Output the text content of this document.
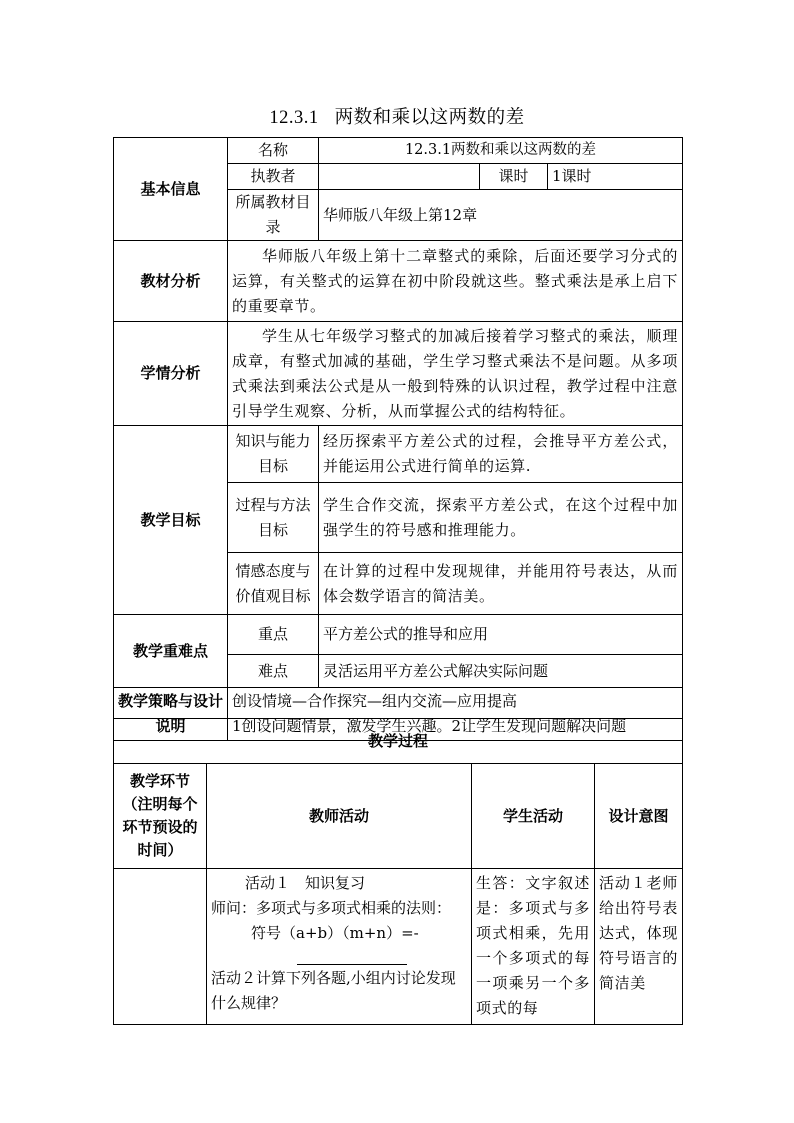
12.3.1 两数和乘以这两数的差
基本信息	名称	12.3.1两数和乘以这两数的差		
	执教者		课时	1课时
	所属教材目录	华师版八年级上第12章		
教材分析	华师版八年级上第十二章整式的乘除，后面还要学习分式的运算，有关整式的运算在初中阶段就这些。整式乘法是承上启下的重要章节。			
学情分析	学生从七年级学习整式的加减后接着学习整式的乘法，顺理成章，有整式加减的基础，学生学习整式乘法不是问题。从多项式乘法到乘法公式是从一般到特殊的认识过程，教学过程中注意引导学生观察、分析，从而掌握公式的结构特征。			
教学目标	知识与能力目标	经历探索平方差公式的过程，会推导平方差公式，并能运用公式进行简单的运算.		
	过程与方法目标	学生合作交流，探索平方差公式，在这个过程中加强学生的符号感和推理能力。		
	情感态度与价值观目标	在计算的过程中发现规律，并能用符号表达，从而体会数学语言的简洁美。		
教学重难点	重点	平方差公式的推导和应用		
	难点	灵活运用平方差公式解决实际问题		
教学策略与设计说明	创设情境—合作探究—组内交流—应用提高
1创设问题情景，激发学生兴趣。2让学生发现问题解决问题			
教学过程			
教学环节（注明每个环节预设的时间）	教师活动	学生活动	设计意图

	活动１　知识复习
师问：多项式与多项式相乘的法则：
符号（a+b）（m+n）=-
活动２计算下列各题,小组内讨论发现什么规律？	生答：文字叙述是：多项式与多项式相乘，先用一个多项式的每一项乘另一个多项式的每	活动１老师给出符号表达式，体现符号语言的简洁美
